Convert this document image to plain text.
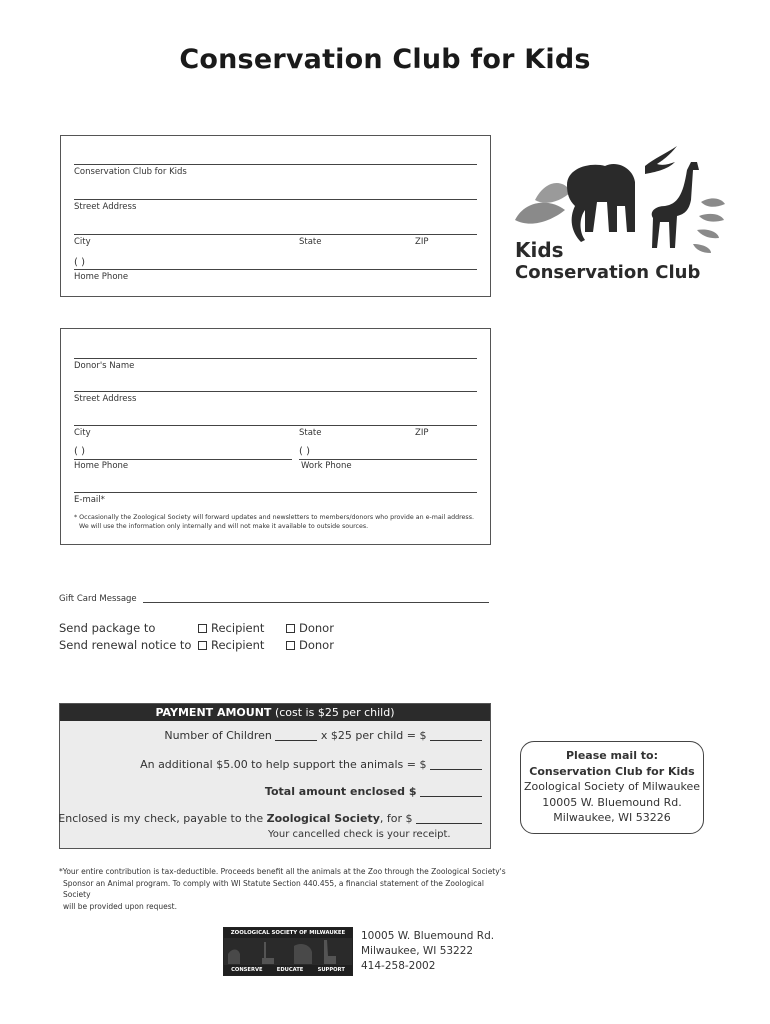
Conservation Club for Kids
Conservation Club for Kids
Street Address
City	State	ZIP
( )
Home Phone
Kids
Conservation Club
Donor's Name
Street Address
City	State	ZIP
( )	( )
Home Phone	Work Phone
E-mail*
* Occasionally the Zoological Society will forward updates and newsletters to members/donors who provide an e-mail address.
We will use the information only internally and will not make it available to outside sources.
Gift Card Message
Send package to	Recipient	Donor
Send renewal notice to	Recipient	Donor
PAYMENT AMOUNT (cost is $25 per child)
Number of Children	x $25 per child = $
An additional $5.00 to help support the animals = $
Total amount enclosed $
Enclosed is my check, payable to the Zoological Society, for $
Your cancelled check is your receipt.
Please mail to:
Conservation Club for Kids
Zoological Society of Milwaukee
10005 W. Bluemound Rd.
Milwaukee, WI 53226
*Your entire contribution is tax-deductible. Proceeds benefit all the animals at the Zoo through the Zoological Society's
Sponsor an Animal program. To comply with WI Statute Section 440.455, a financial statement of the Zoological Society
will be provided upon request.
ZOOLOGICAL SOCIETY OF MILWAUKEE
CONSERVE	EDUCATE	SUPPORT
10005 W. Bluemound Rd.
Milwaukee, WI 53222
414-258-2002
